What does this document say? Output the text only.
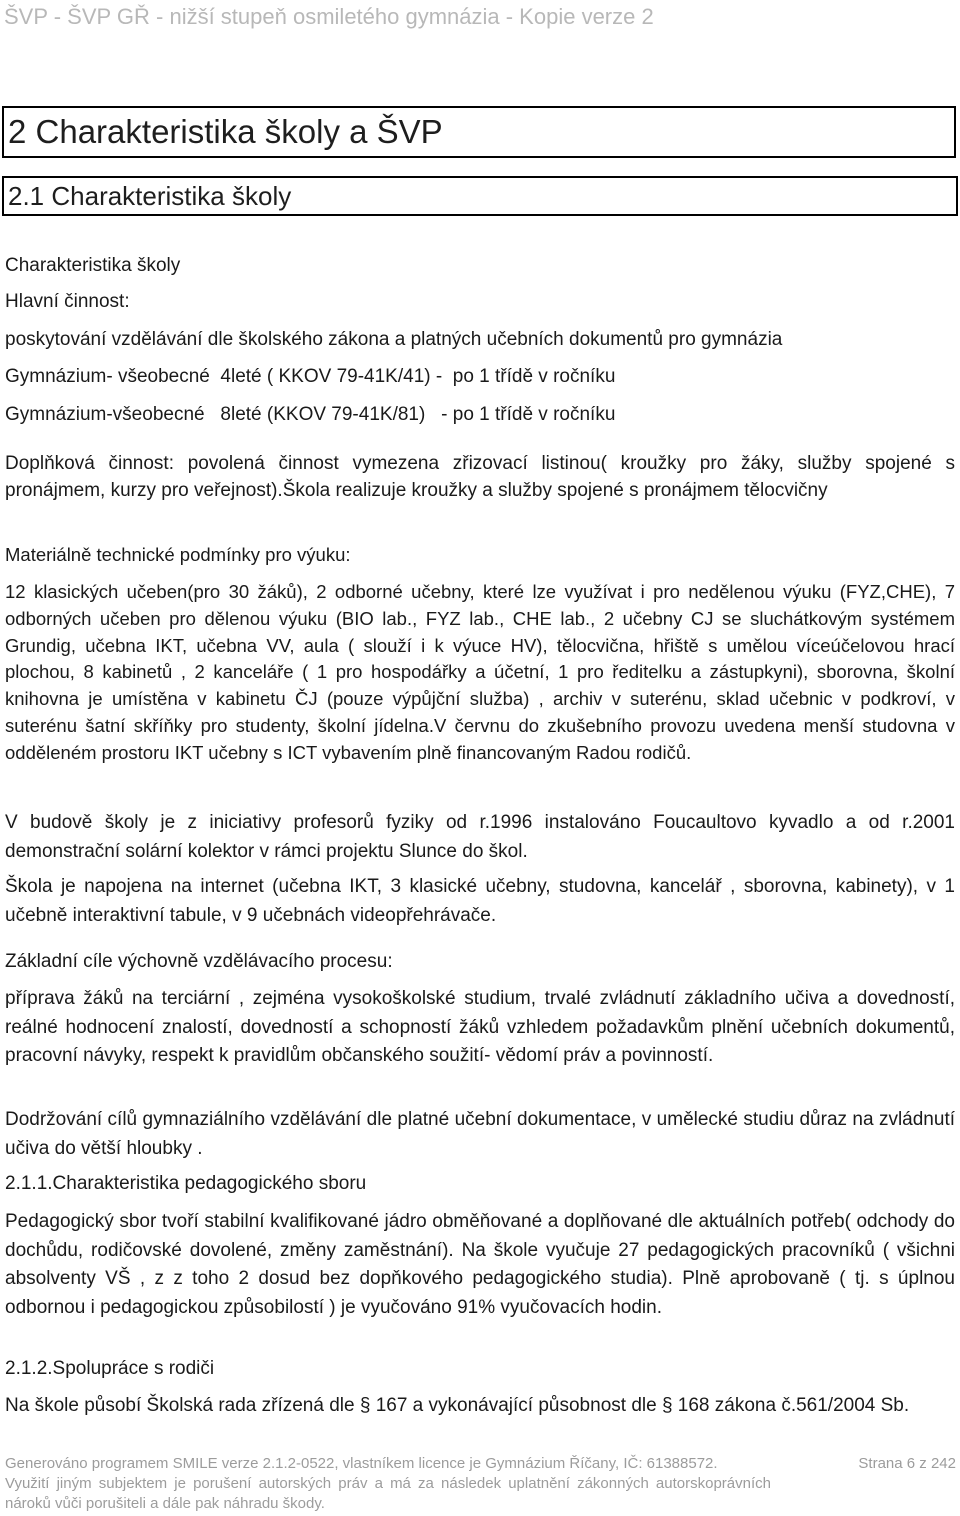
ŠVP - ŠVP GŘ - nižší stupeň osmiletého gymnázia - Kopie verze 2
2 Charakteristika školy a ŠVP
2.1 Charakteristika školy
Charakteristika školy
Hlavní činnost:
poskytování vzdělávání dle školského zákona a platných učebních dokumentů pro gymnázia
Gymnázium- všeobecné  4leté ( KKOV 79-41K/41) -  po 1 třídě v ročníku
Gymnázium-všeobecné   8leté (KKOV 79-41K/81)   - po 1 třídě v ročníku
Doplňková činnost: povolená činnost vymezena zřizovací listinou( kroužky pro žáky, služby spojené s pronájmem, kurzy pro veřejnost).Škola realizuje kroužky a služby spojené s pronájmem tělocvičny
Materiálně technické podmínky pro výuku:
12 klasických učeben(pro 30 žáků), 2 odborné učebny, které lze využívat i pro nedělenou výuku (FYZ,CHE), 7 odborných učeben pro dělenou výuku (BIO lab., FYZ lab., CHE lab., 2 učebny CJ se sluchátkovým systémem Grundig, učebna IKT, učebna VV, aula ( slouží i k výuce HV), tělocvična, hřiště s umělou víceúčelovou hrací plochou, 8 kabinetů , 2 kanceláře ( 1 pro hospodářky a účetní, 1 pro ředitelku a zástupkyni), sborovna, školní knihovna je umístěna v kabinetu ČJ (pouze výpůjční služba) , archiv v suterénu, sklad učebnic v podkroví, v suterénu šatní skříňky pro studenty, školní jídelna.V červnu do zkušebního provozu uvedena menší studovna v odděleném prostoru IKT učebny s ICT vybavením plně financovaným Radou rodičů.
V budově školy je z iniciativy profesorů fyziky od r.1996 instalováno Foucaultovo kyvadlo a od r.2001 demonstrační solární kolektor v rámci projektu Slunce do škol.
Škola je napojena na internet (učebna IKT, 3 klasické učebny, studovna, kancelář , sborovna, kabinety), v 1 učebně interaktivní tabule, v 9 učebnách videopřehrávače.
Základní cíle výchovně vzdělávacího procesu:
příprava žáků na terciární , zejména vysokoškolské studium, trvalé zvládnutí základního učiva a dovedností, reálné hodnocení znalostí, dovedností a schopností žáků vzhledem požadavkům plnění učebních dokumentů, pracovní návyky, respekt k pravidlům občanského soužití- vědomí práv a povinností.
Dodržování cílů gymnaziálního vzdělávání dle platné učební dokumentace, v umělecké studiu důraz na zvládnutí učiva do větší hloubky .
2.1.1.Charakteristika pedagogického sboru
Pedagogický sbor tvoří stabilní kvalifikované jádro obměňované a doplňované dle aktuálních potřeb( odchody do dochůdu, rodičovské dovolené, změny zaměstnání). Na škole vyučuje 27 pedagogických pracovníků ( všichni absolventy VŠ , z z toho 2 dosud bez dopňkového pedagogického studia). Plně aprobovaně ( tj. s úplnou odbornou i pedagogickou způsobilostí ) je vyučováno 91% vyučovacích hodin.
2.1.2.Spolupráce s rodiči
Na škole působí Školská rada zřízená dle § 167 a vykonávající působnost dle § 168 zákona č.561/2004 Sb.
Generováno programem SMILE verze 2.1.2-0522, vlastníkem licence je Gymnázium Říčany, IČ: 61388572.	Strana 6 z 242
Využití jiným subjektem je porušení autorských práv a má za následek uplatnění zákonných autorskoprávních nároků vůči porušiteli a dále pak náhradu škody.
